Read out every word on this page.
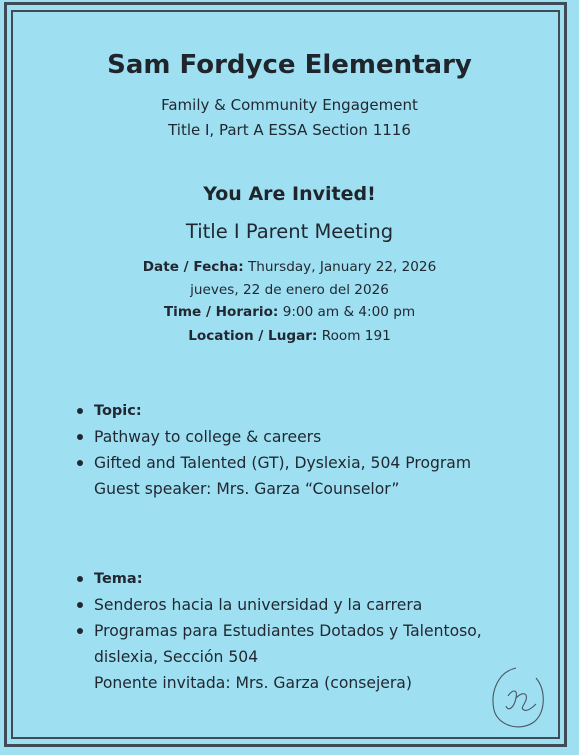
Sam Fordyce Elementary
Family & Community Engagement
Title I, Part A ESSA Section 1116
You Are Invited!
Title I Parent Meeting
Date / Fecha: Thursday, January 22, 2026
jueves, 22 de enero del 2026
Time / Horario: 9:00 am & 4:00 pm
Location / Lugar: Room 191
Topic:
Pathway to college & careers
Gifted and Talented (GT), Dyslexia, 504 Program
Guest speaker: Mrs. Garza “Counselor”
Tema:
Senderos hacia la universidad y la carrera
Programas para Estudiantes Dotados y Talentoso,
dislexia, Sección 504
Ponente invitada: Mrs. Garza (consejera)
